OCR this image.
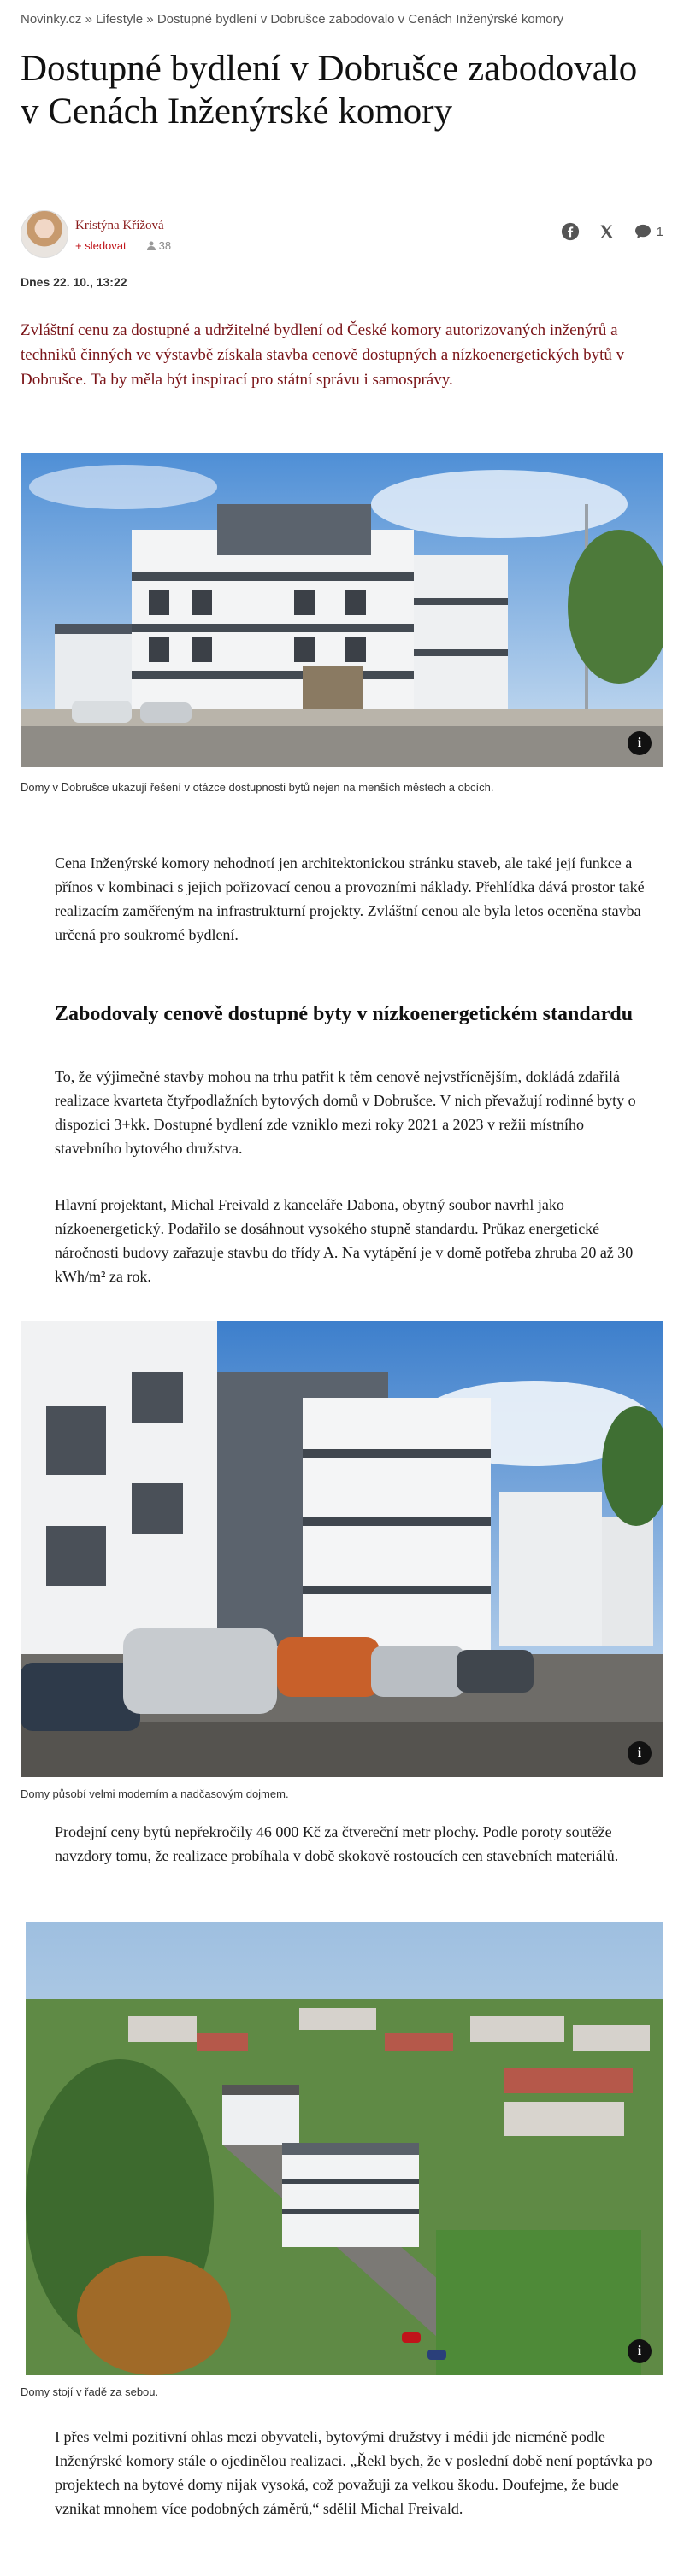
Novinky.cz » Lifestyle » Dostupné bydlení v Dobrušce zabodovalo v Cenách Inženýrské komory
Dostupné bydlení v Dobrušce zabodovalo v Cenách Inženýrské komory
Kristýna Křížová
+ sledovat	38
1
Dnes 22. 10., 13:22
Zvláštní cenu za dostupné a udržitelné bydlení od České komory autorizovaných inženýrů a techniků činných ve výstavbě získala stavba cenově dostupných a nízkoenergetických bytů v Dobrušce. Ta by měla být inspirací pro státní správu i samosprávy.
i
Domy v Dobrušce ukazují řešení v otázce dostupnosti bytů nejen na menších městech a obcích.
Cena Inženýrské komory nehodnotí jen architektonickou stránku staveb, ale také její funkce a přínos v kombinaci s jejich pořizovací cenou a provozními náklady. Přehlídka dává prostor také realizacím zaměřeným na infrastrukturní projekty. Zvláštní cenou ale byla letos oceněna stavba určená pro soukromé bydlení.
Zabodovaly cenově dostupné byty v nízkoenergetickém standardu
To, že výjimečné stavby mohou na trhu patřit k těm cenově nejvstřícnějším, dokládá zdařilá realizace kvarteta čtyřpodlažních bytových domů v Dobrušce. V nich převažují rodinné byty o dispozici 3+kk. Dostupné bydlení zde vzniklo mezi roky 2021 a 2023 v režii místního stavebního bytového družstva.
Hlavní projektant, Michal Freivald z kanceláře Dabona, obytný soubor navrhl jako nízkoenergetický. Podařilo se dosáhnout vysokého stupně standardu. Průkaz energetické náročnosti budovy zařazuje stavbu do třídy A. Na vytápění je v domě potřeba zhruba 20 až 30 kWh/m² za rok.
i
Domy působí velmi moderním a nadčasovým dojmem.
Prodejní ceny bytů nepřekročily 46 000 Kč za čtvereční metr plochy. Podle poroty soutěže navzdory tomu, že realizace probíhala v době skokově rostoucích cen stavebních materiálů.
i
Domy stojí v řadě za sebou.
I přes velmi pozitivní ohlas mezi obyvateli, bytovými družstvy i médii jde nicméně podle Inženýrské komory stále o ojedinělou realizaci. „Řekl bych, že v poslední době není poptávka po projektech na bytové domy nijak vysoká, což považuji za velkou škodu. Doufejme, že bude vznikat mnohem více podobných záměrů,“ sdělil Michal Freivald.
